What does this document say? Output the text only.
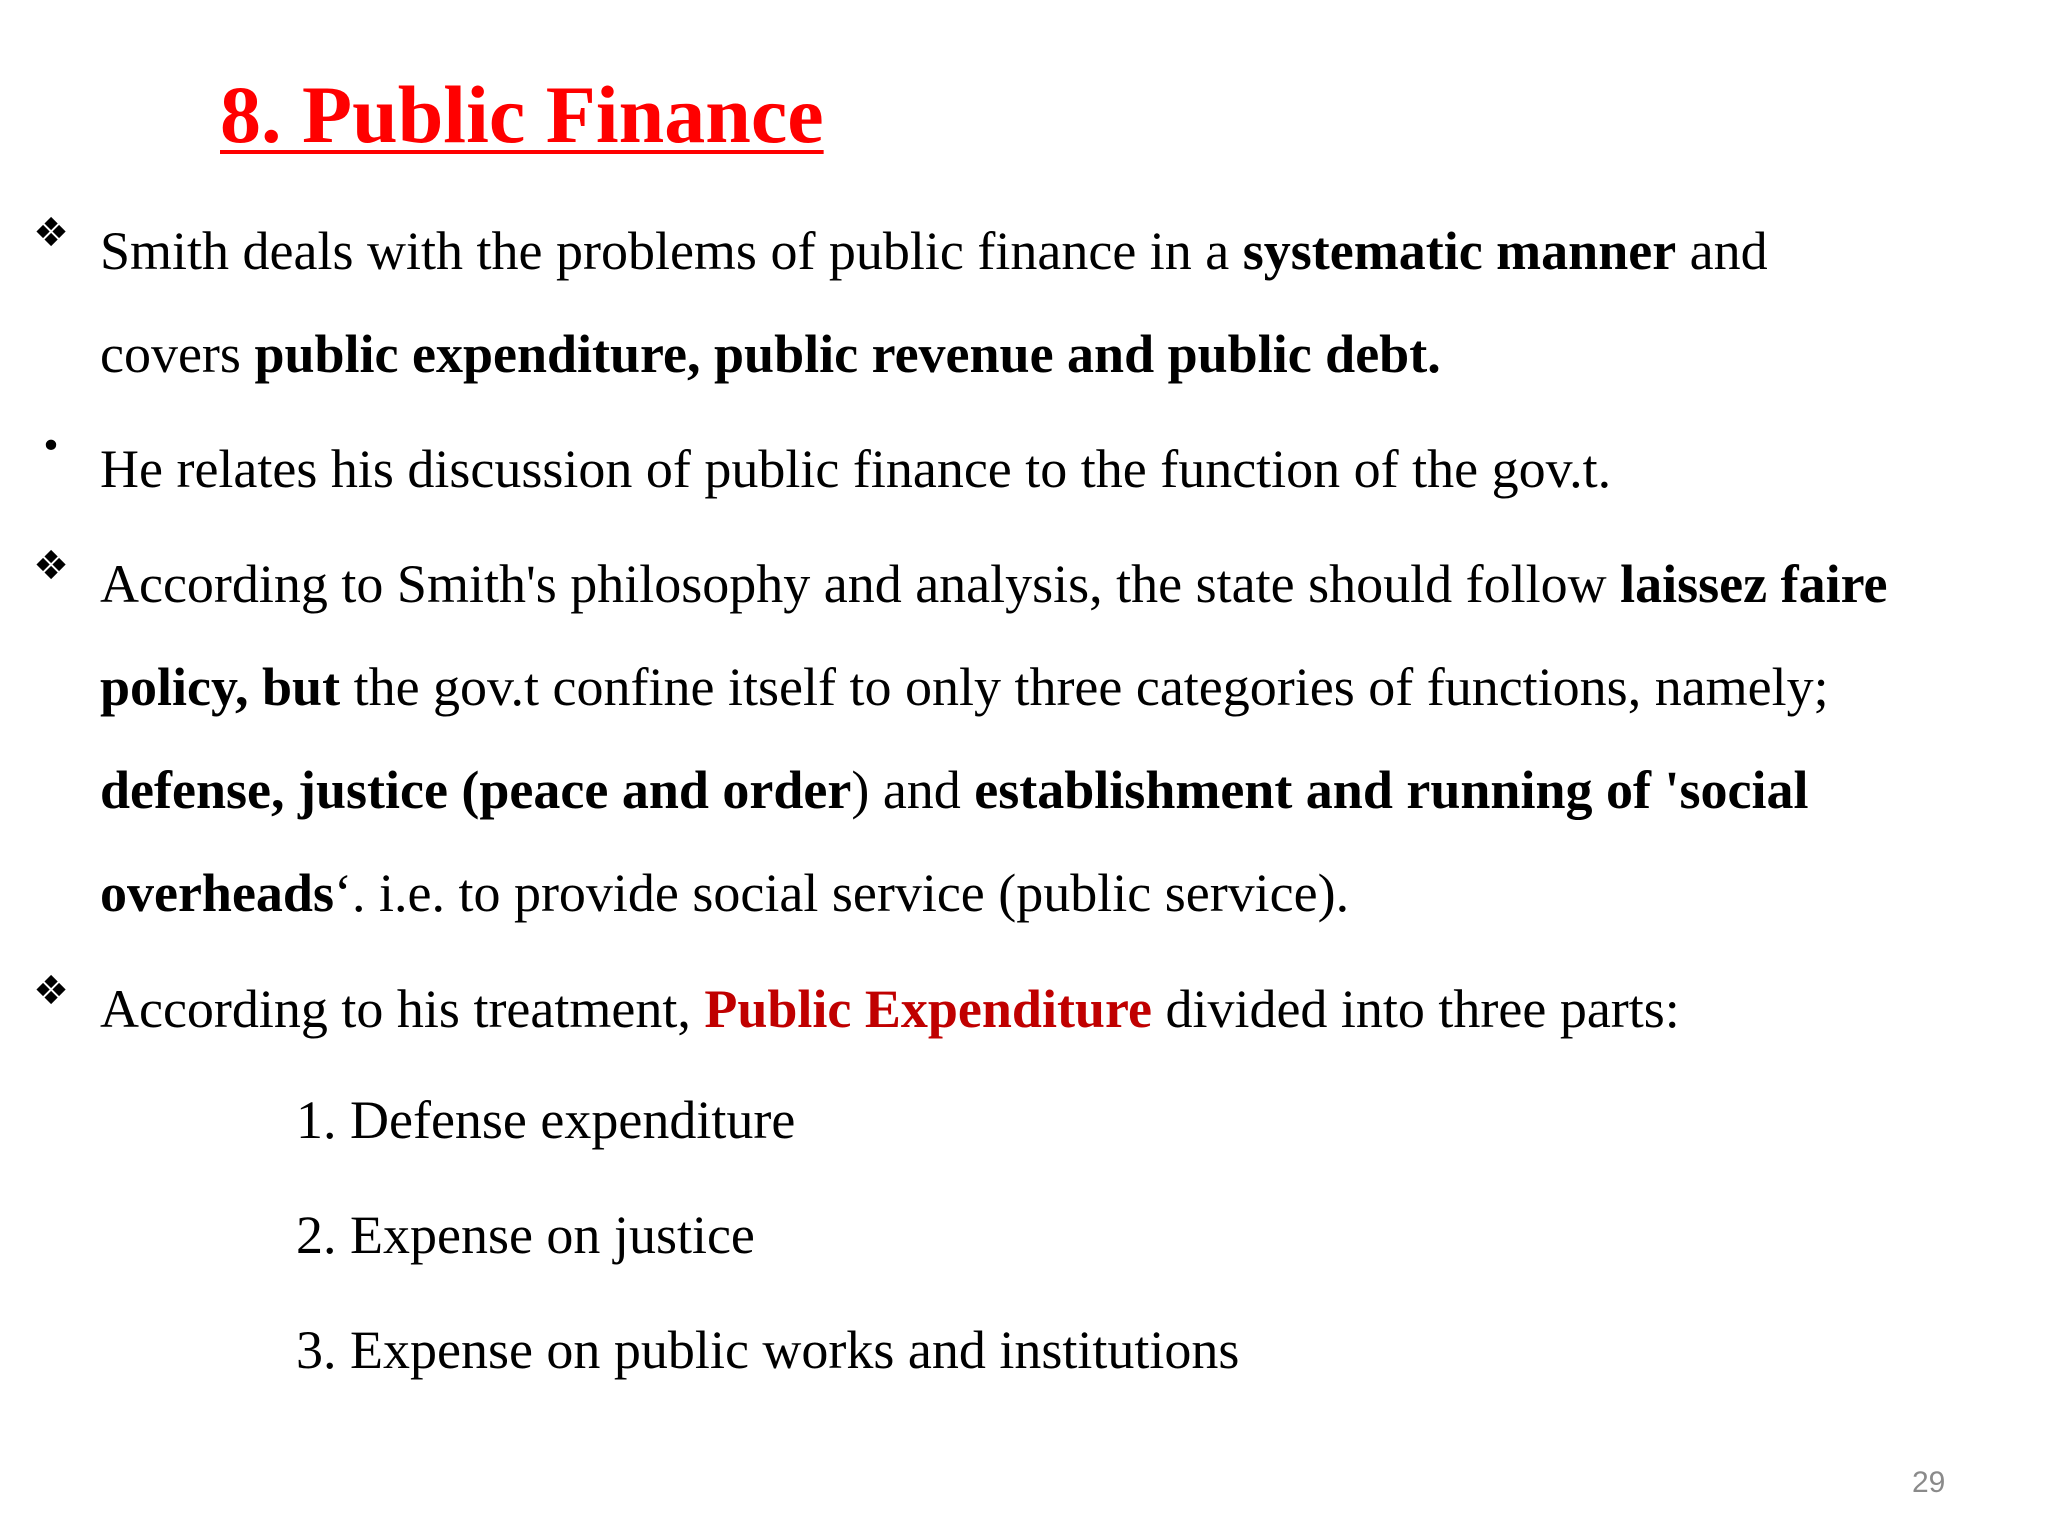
8. Public Finance
❖ Smith deals with the problems of public finance in a systematic manner and
covers public expenditure, public revenue and public debt.
• He relates his discussion of public finance to the function of the gov.t.
❖ According to Smith's philosophy and analysis, the state should follow laissez faire
policy, but the gov.t confine itself to only three categories of functions, namely;
defense, justice (peace and order) and establishment and running of 'social
overheads‘. i.e. to provide social service (public service).
❖ According to his treatment, Public Expenditure divided into three parts:
1. Defense expenditure
2. Expense on justice
3. Expense on public works and institutions
29
